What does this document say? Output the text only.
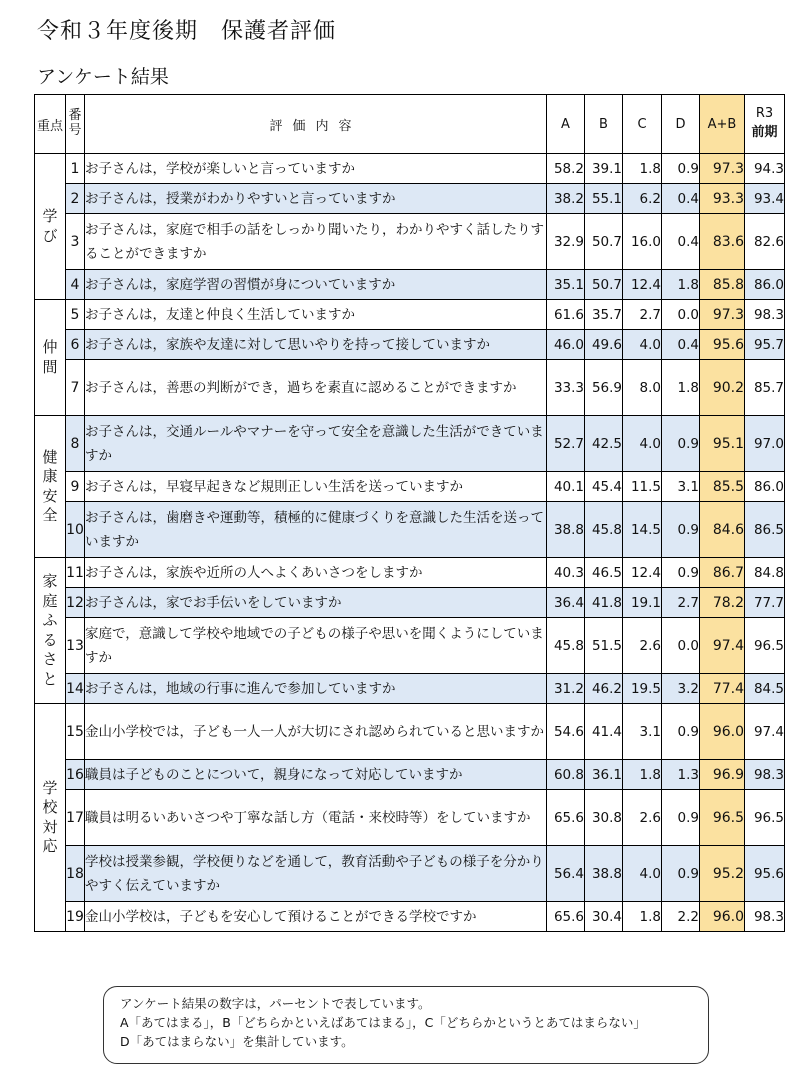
令和３年度後期　保護者評価
アンケート結果
重点	番号	評価内容	A	B	C	D	A+B	R3
前期

学び	1	お子さんは，学校が楽しいと言っていますか	58.2	39.1	1.8	0.9	97.3	94.3
	2	お子さんは，授業がわかりやすいと言っていますか	38.2	55.1	6.2	0.4	93.3	93.4
	3	お子さんは，家庭で相手の話をしっかり聞いたり，わかりやすく話したりすることができますか	32.9	50.7	16.0	0.4	83.6	82.6
	4	お子さんは，家庭学習の習慣が身についていますか	35.1	50.7	12.4	1.8	85.8	86.0
仲間	5	お子さんは，友達と仲良く生活していますか	61.6	35.7	2.7	0.0	97.3	98.3
	6	お子さんは，家族や友達に対して思いやりを持って接していますか	46.0	49.6	4.0	0.4	95.6	95.7
	7	お子さんは，善悪の判断ができ，過ちを素直に認めることができますか	33.3	56.9	8.0	1.8	90.2	85.7
健康安全	8	お子さんは，交通ルールやマナーを守って安全を意識した生活ができていますか	52.7	42.5	4.0	0.9	95.1	97.0
	9	お子さんは，早寝早起きなど規則正しい生活を送っていますか	40.1	45.4	11.5	3.1	85.5	86.0
	10	お子さんは，歯磨きや運動等，積極的に健康づくりを意識した生活を送っていますか	38.8	45.8	14.5	0.9	84.6	86.5
家庭ふるさと	11	お子さんは，家族や近所の人へよくあいさつをしますか	40.3	46.5	12.4	0.9	86.7	84.8
	12	お子さんは，家でお手伝いをしていますか	36.4	41.8	19.1	2.7	78.2	77.7
	13	家庭で，意識して学校や地域での子どもの様子や思いを聞くようにしていますか	45.8	51.5	2.6	0.0	97.4	96.5
	14	お子さんは，地域の行事に進んで参加していますか	31.2	46.2	19.5	3.2	77.4	84.5
学校対応	15	金山小学校では，子ども一人一人が大切にされ認められていると思いますか	54.6	41.4	3.1	0.9	96.0	97.4
	16	職員は子どものことについて，親身になって対応していますか	60.8	36.1	1.8	1.3	96.9	98.3
	17	職員は明るいあいさつや丁寧な話し方（電話・来校時等）をしていますか	65.6	30.8	2.6	0.9	96.5	96.5
	18	学校は授業参観，学校便りなどを通して，教育活動や子どもの様子を分かりやすく伝えていますか	56.4	38.8	4.0	0.9	95.2	95.6
	19	金山小学校は，子どもを安心して預けることができる学校ですか	65.6	30.4	1.8	2.2	96.0	98.3
アンケート結果の数字は，パーセントで表しています。
A「あてはまる」，B「どちらかといえばあてはまる」，C「どちらかというとあてはまらない」
D「あてはまらない」を集計しています。
